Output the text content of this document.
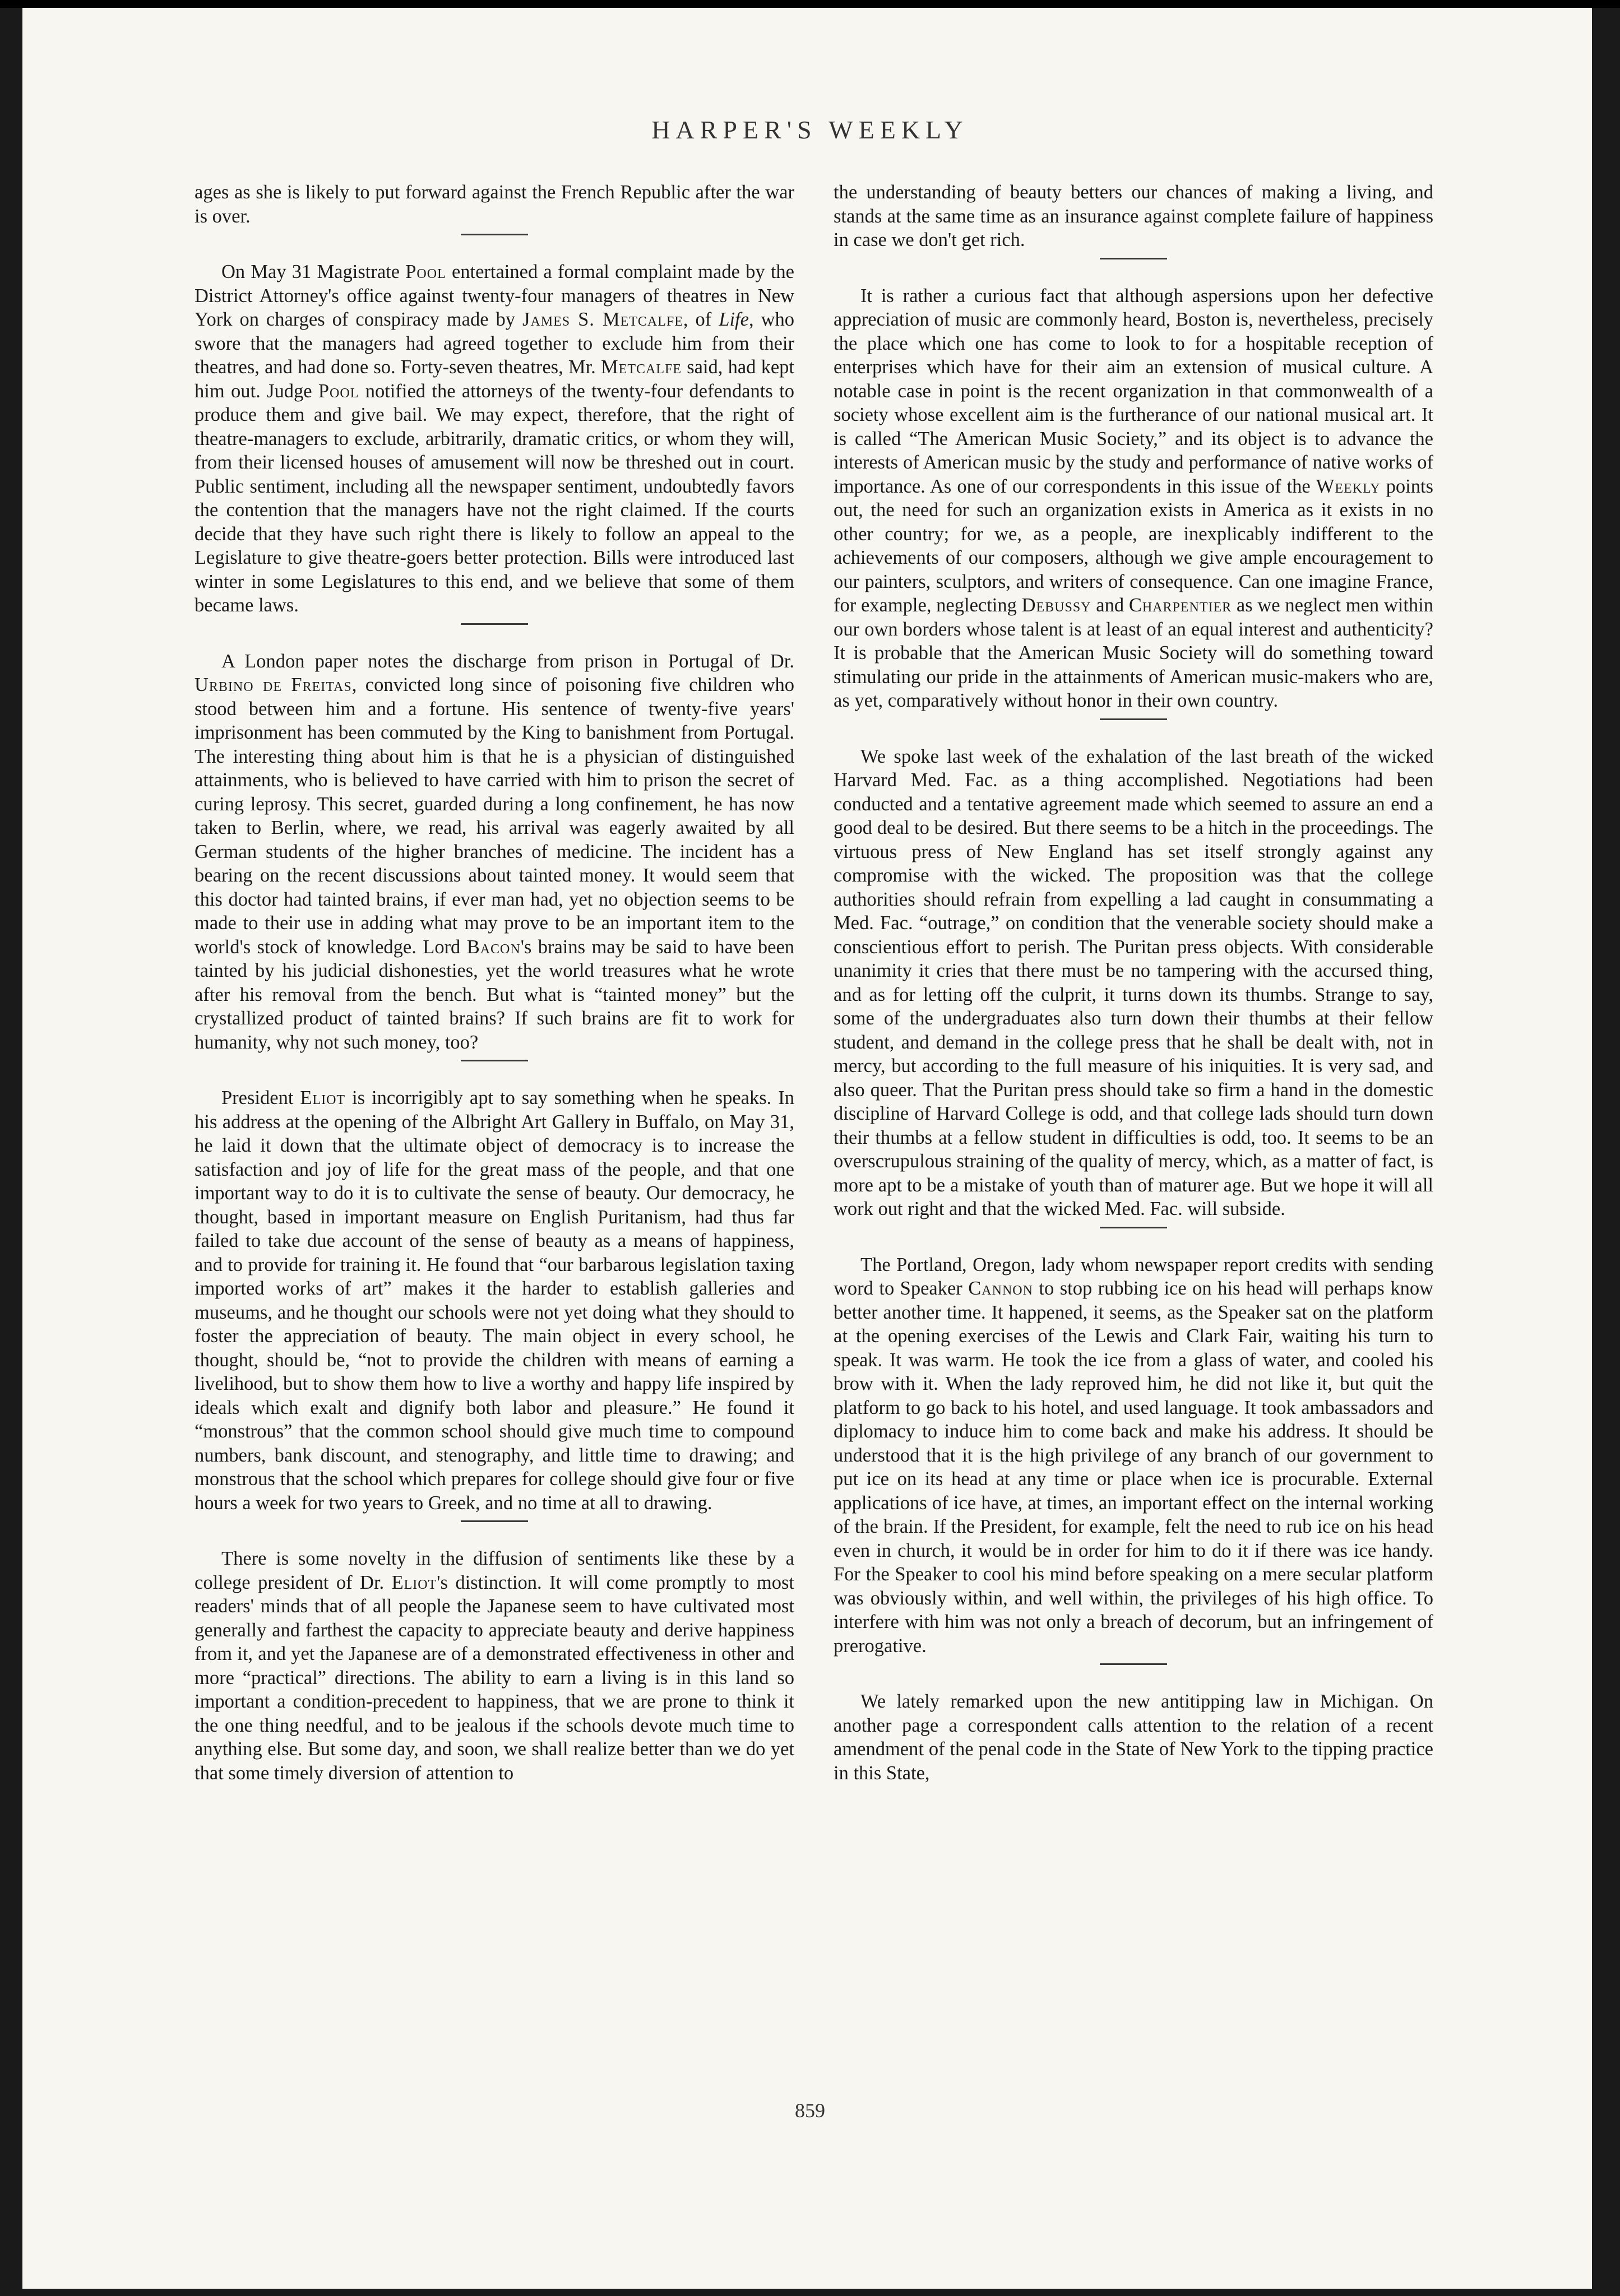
HARPER'S WEEKLY

ages as she is likely to put forward against the French Republic after the war is over.

On May 31 Magistrate Pool entertained a formal complaint made by the District Attorney's office against twenty-four managers of theatres in New York on charges of conspiracy made by James S. Metcalfe, of Life, who swore that the managers had agreed together to exclude him from their theatres, and had done so. Forty-seven theatres, Mr. Metcalfe said, had kept him out. Judge Pool notified the attorneys of the twenty-four defendants to produce them and give bail. We may expect, therefore, that the right of theatre-managers to exclude, arbitrarily, dramatic critics, or whom they will, from their licensed houses of amusement will now be threshed out in court. Public sentiment, including all the newspaper sentiment, undoubtedly favors the contention that the managers have not the right claimed. If the courts decide that they have such right there is likely to follow an appeal to the Legislature to give theatre-goers better protection. Bills were introduced last winter in some Legislatures to this end, and we believe that some of them became laws.

A London paper notes the discharge from prison in Portugal of Dr. Urbino de Freitas, convicted long since of poisoning five children who stood between him and a fortune. His sentence of twenty-five years' imprisonment has been commuted by the King to banishment from Portugal. The interesting thing about him is that he is a physician of distinguished attainments, who is believed to have carried with him to prison the secret of curing leprosy. This secret, guarded during a long confinement, he has now taken to Berlin, where, we read, his arrival was eagerly awaited by all German students of the higher branches of medicine. The incident has a bearing on the recent discussions about tainted money. It would seem that this doctor had tainted brains, if ever man had, yet no objection seems to be made to their use in adding what may prove to be an important item to the world's stock of knowledge. Lord Bacon's brains may be said to have been tainted by his judicial dishonesties, yet the world treasures what he wrote after his removal from the bench. But what is “tainted money” but the crystallized product of tainted brains? If such brains are fit to work for humanity, why not such money, too?

President Eliot is incorrigibly apt to say something when he speaks. In his address at the opening of the Albright Art Gallery in Buffalo, on May 31, he laid it down that the ultimate object of democracy is to increase the satisfaction and joy of life for the great mass of the people, and that one important way to do it is to cultivate the sense of beauty. Our democracy, he thought, based in important measure on English Puritanism, had thus far failed to take due account of the sense of beauty as a means of happiness, and to provide for training it. He found that “our barbarous legislation taxing imported works of art” makes it the harder to establish galleries and museums, and he thought our schools were not yet doing what they should to foster the appreciation of beauty. The main object in every school, he thought, should be, “not to provide the children with means of earning a livelihood, but to show them how to live a worthy and happy life inspired by ideals which exalt and dignify both labor and pleasure.” He found it “monstrous” that the common school should give much time to compound numbers, bank discount, and stenography, and little time to drawing; and monstrous that the school which prepares for college should give four or five hours a week for two years to Greek, and no time at all to drawing.

There is some novelty in the diffusion of sentiments like these by a college president of Dr. Eliot's distinction. It will come promptly to most readers' minds that of all people the Japanese seem to have cultivated most generally and farthest the capacity to appreciate beauty and derive happiness from it, and yet the Japanese are of a demonstrated effectiveness in other and more “practical” directions. The ability to earn a living is in this land so important a condition-precedent to happiness, that we are prone to think it the one thing needful, and to be jealous if the schools devote much time to anything else. But some day, and soon, we shall realize better than we do yet that some timely diversion of attention to

the understanding of beauty betters our chances of making a living, and stands at the same time as an insurance against complete failure of happiness in case we don't get rich.

It is rather a curious fact that although aspersions upon her defective appreciation of music are commonly heard, Boston is, nevertheless, precisely the place which one has come to look to for a hospitable reception of enterprises which have for their aim an extension of musical culture. A notable case in point is the recent organization in that commonwealth of a society whose excellent aim is the furtherance of our national musical art. It is called “The American Music Society,” and its object is to advance the interests of American music by the study and performance of native works of importance. As one of our correspondents in this issue of the Weekly points out, the need for such an organization exists in America as it exists in no other country; for we, as a people, are inexplicably indifferent to the achievements of our composers, although we give ample encouragement to our painters, sculptors, and writers of consequence. Can one imagine France, for example, neglecting Debussy and Charpentier as we neglect men within our own borders whose talent is at least of an equal interest and authenticity? It is probable that the American Music Society will do something toward stimulating our pride in the attainments of American music-makers who are, as yet, comparatively without honor in their own country.

We spoke last week of the exhalation of the last breath of the wicked Harvard Med. Fac. as a thing accomplished. Negotiations had been conducted and a tentative agreement made which seemed to assure an end a good deal to be desired. But there seems to be a hitch in the proceedings. The virtuous press of New England has set itself strongly against any compromise with the wicked. The proposition was that the college authorities should refrain from expelling a lad caught in consummating a Med. Fac. “outrage,” on condition that the venerable society should make a conscientious effort to perish. The Puritan press objects. With considerable unanimity it cries that there must be no tampering with the accursed thing, and as for letting off the culprit, it turns down its thumbs. Strange to say, some of the undergraduates also turn down their thumbs at their fellow student, and demand in the college press that he shall be dealt with, not in mercy, but according to the full measure of his iniquities. It is very sad, and also queer. That the Puritan press should take so firm a hand in the domestic discipline of Harvard College is odd, and that college lads should turn down their thumbs at a fellow student in difficulties is odd, too. It seems to be an overscrupulous straining of the quality of mercy, which, as a matter of fact, is more apt to be a mistake of youth than of maturer age. But we hope it will all work out right and that the wicked Med. Fac. will subside.

The Portland, Oregon, lady whom newspaper report credits with sending word to Speaker Cannon to stop rubbing ice on his head will perhaps know better another time. It happened, it seems, as the Speaker sat on the platform at the opening exercises of the Lewis and Clark Fair, waiting his turn to speak. It was warm. He took the ice from a glass of water, and cooled his brow with it. When the lady reproved him, he did not like it, but quit the platform to go back to his hotel, and used language. It took ambassadors and diplomacy to induce him to come back and make his address. It should be understood that it is the high privilege of any branch of our government to put ice on its head at any time or place when ice is procurable. External applications of ice have, at times, an important effect on the internal working of the brain. If the President, for example, felt the need to rub ice on his head even in church, it would be in order for him to do it if there was ice handy. For the Speaker to cool his mind before speaking on a mere secular platform was obviously within, and well within, the privileges of his high office. To interfere with him was not only a breach of decorum, but an infringement of prerogative.

We lately remarked upon the new antitipping law in Michigan. On another page a correspondent calls attention to the relation of a recent amendment of the penal code in the State of New York to the tipping practice in this State,

859
